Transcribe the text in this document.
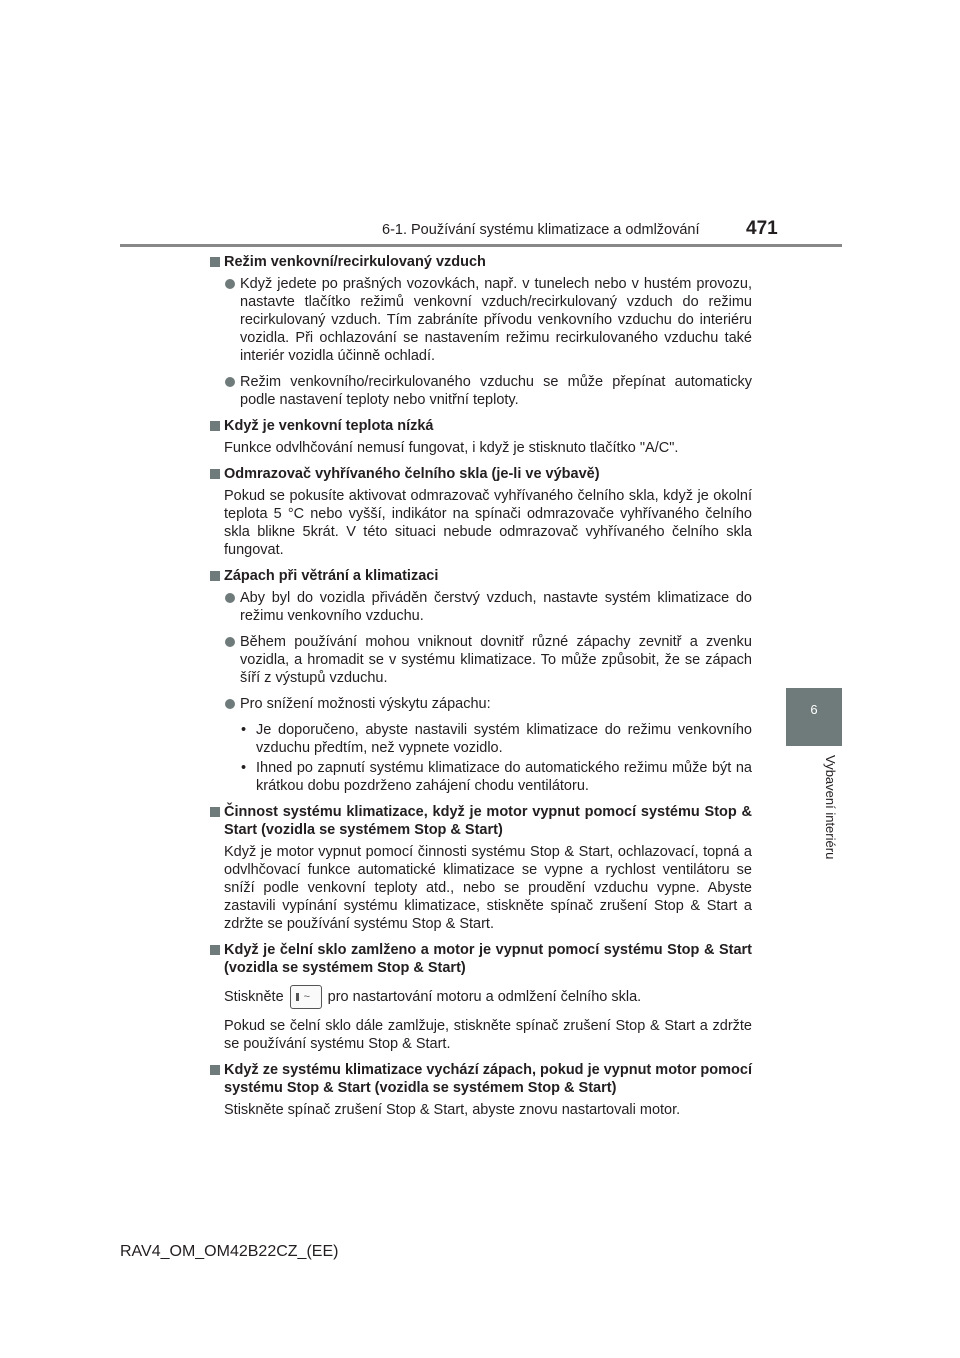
6-1. Používání systému klimatizace a odmlžování 471
6
Vybavení interiéru
Režim venkovní/recirkulovaný vzduch
Když jedete po prašných vozovkách, např. v tunelech nebo v hustém provozu, nastavte tlačítko režimů venkovní vzduch/recirkulovaný vzduch do režimu recirkulovaný vzduch. Tím zabráníte přívodu venkovního vzduchu do interiéru vozidla. Při ochlazování se nastavením režimu recirkulovaného vzduchu také interiér vozidla účinně ochladí.
Režim venkovního/recirkulovaného vzduchu se může přepínat automaticky podle nastavení teploty nebo vnitřní teploty.
Když je venkovní teplota nízká
Funkce odvlhčování nemusí fungovat, i když je stisknuto tlačítko "A/C".
Odmrazovač vyhřívaného čelního skla (je-li ve výbavě)
Pokud se pokusíte aktivovat odmrazovač vyhřívaného čelního skla, když je okolní teplota 5 °C nebo vyšší, indikátor na spínači odmrazovače vyhřívaného čelního skla blikne 5krát. V této situaci nebude odmrazovač vyhřívaného čelního skla fungovat.
Zápach při větrání a klimatizaci
Aby byl do vozidla přiváděn čerstvý vzduch, nastavte systém klimatizace do režimu venkovního vzduchu.
Během používání mohou vniknout dovnitř různé zápachy zevnitř a zvenku vozidla, a hromadit se v systému klimatizace. To může způsobit, že se zápach šíří z výstupů vzduchu.
Pro snížení možnosti výskytu zápachu:
• Je doporučeno, abyste nastavili systém klimatizace do režimu venkovního vzduchu předtím, než vypnete vozidlo.
• Ihned po zapnutí systému klimatizace do automatického režimu může být na krátkou dobu pozdrženo zahájení chodu ventilátoru.
Činnost systému klimatizace, když je motor vypnut pomocí systému Stop & Start (vozidla se systémem Stop & Start)
Když je motor vypnut pomocí činnosti systému Stop & Start, ochlazovací, topná a odvlhčovací funkce automatické klimatizace se vypne a rychlost ventilátoru se sníží podle venkovní teploty atd., nebo se proudění vzduchu vypne. Abyste zastavili vypínání systému klimatizace, stiskněte spínač zrušení Stop & Start a zdržte se používání systému Stop & Start.
Když je čelní sklo zamlženo a motor je vypnut pomocí systému Stop & Start (vozidla se systémem Stop & Start)
Stiskněte~	pro nastartování motoru a odmlžení čelního skla.
Pokud se čelní sklo dále zamlžuje, stiskněte spínač zrušení Stop & Start a zdržte se používání systému Stop & Start.
Když ze systému klimatizace vychází zápach, pokud je vypnut motor pomocí systému Stop & Start (vozidla se systémem Stop & Start)
Stiskněte spínač zrušení Stop & Start, abyste znovu nastartovali motor.
RAV4_OM_OM42B22CZ_(EE)
